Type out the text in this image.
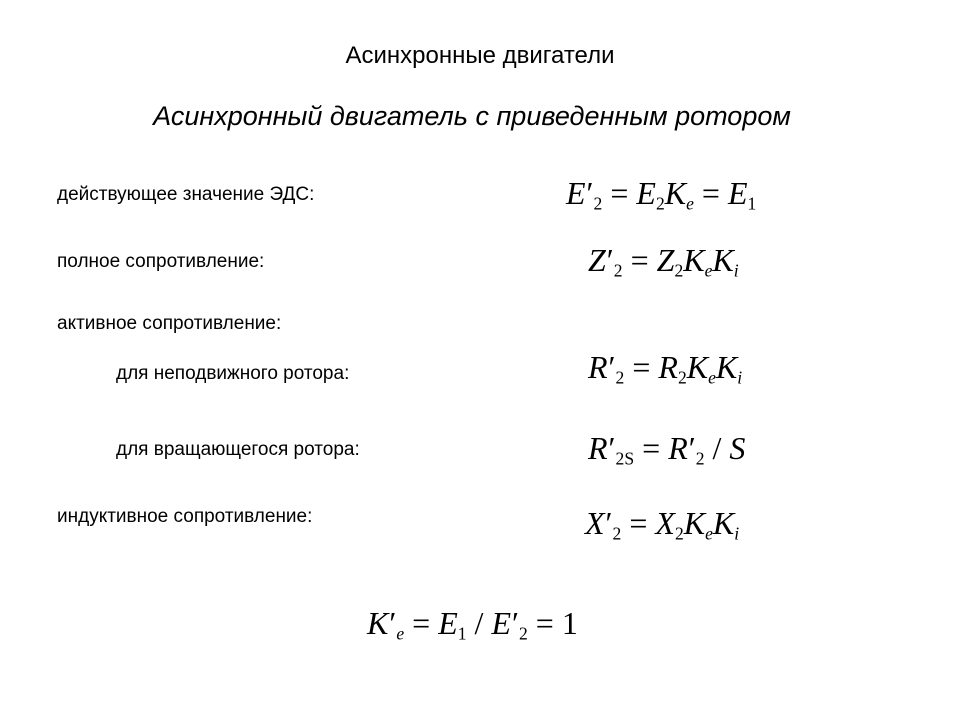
Асинхронные двигатели
Асинхронный двигатель с приведенным ротором
действующее значение ЭДС:	E′2 = E2Ke = E1
полное сопротивление:	Z′2 = Z2KeKi
активное сопротивление:
для неподвижного ротора:	R′2 = R2KeKi
для вращающегося ротора:	R′2S = R′2 / S
индуктивное сопротивление:	X′2 = X2KeKi
K′e = E1 / E′2 = 1
